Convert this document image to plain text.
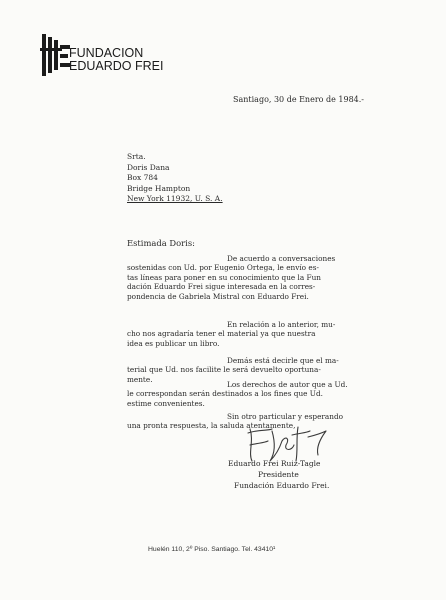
FUNDACION
EDUARDO FREI
Santiago, 30 de Enero de 1984.-
Srta.
Doris Dana
Box 784
Bridge Hampton
New York 11932, U. S. A.
Estimada Doris:
De acuerdo a conversaciones
sostenidas con Ud. por Eugenio Ortega, le envío es-
tas líneas para poner en su conocimiento que la Fun
dación Eduardo Frei sigue interesada en la corres-
pondencia de Gabriela Mistral con Eduardo Frei.
En relación a lo anterior, mu-
cho nos agradaría tener el material ya que nuestra
idea es publicar un libro.
Demás está decirle que el ma-
terial que Ud. nos facilite le será devuelto oportuna-
mente.
Los derechos de autor que a Ud.
le correspondan serán destinados a los fines que Ud.
estime convenientes.
Sin otro particular y esperando
una pronta respuesta, la saluda atentamente,
Eduardo Frei Ruiz-Tagle
Presidente
Fundación Eduardo Frei.
Huelén 110, 2º Piso. Santiago. Tel. 43410¹
